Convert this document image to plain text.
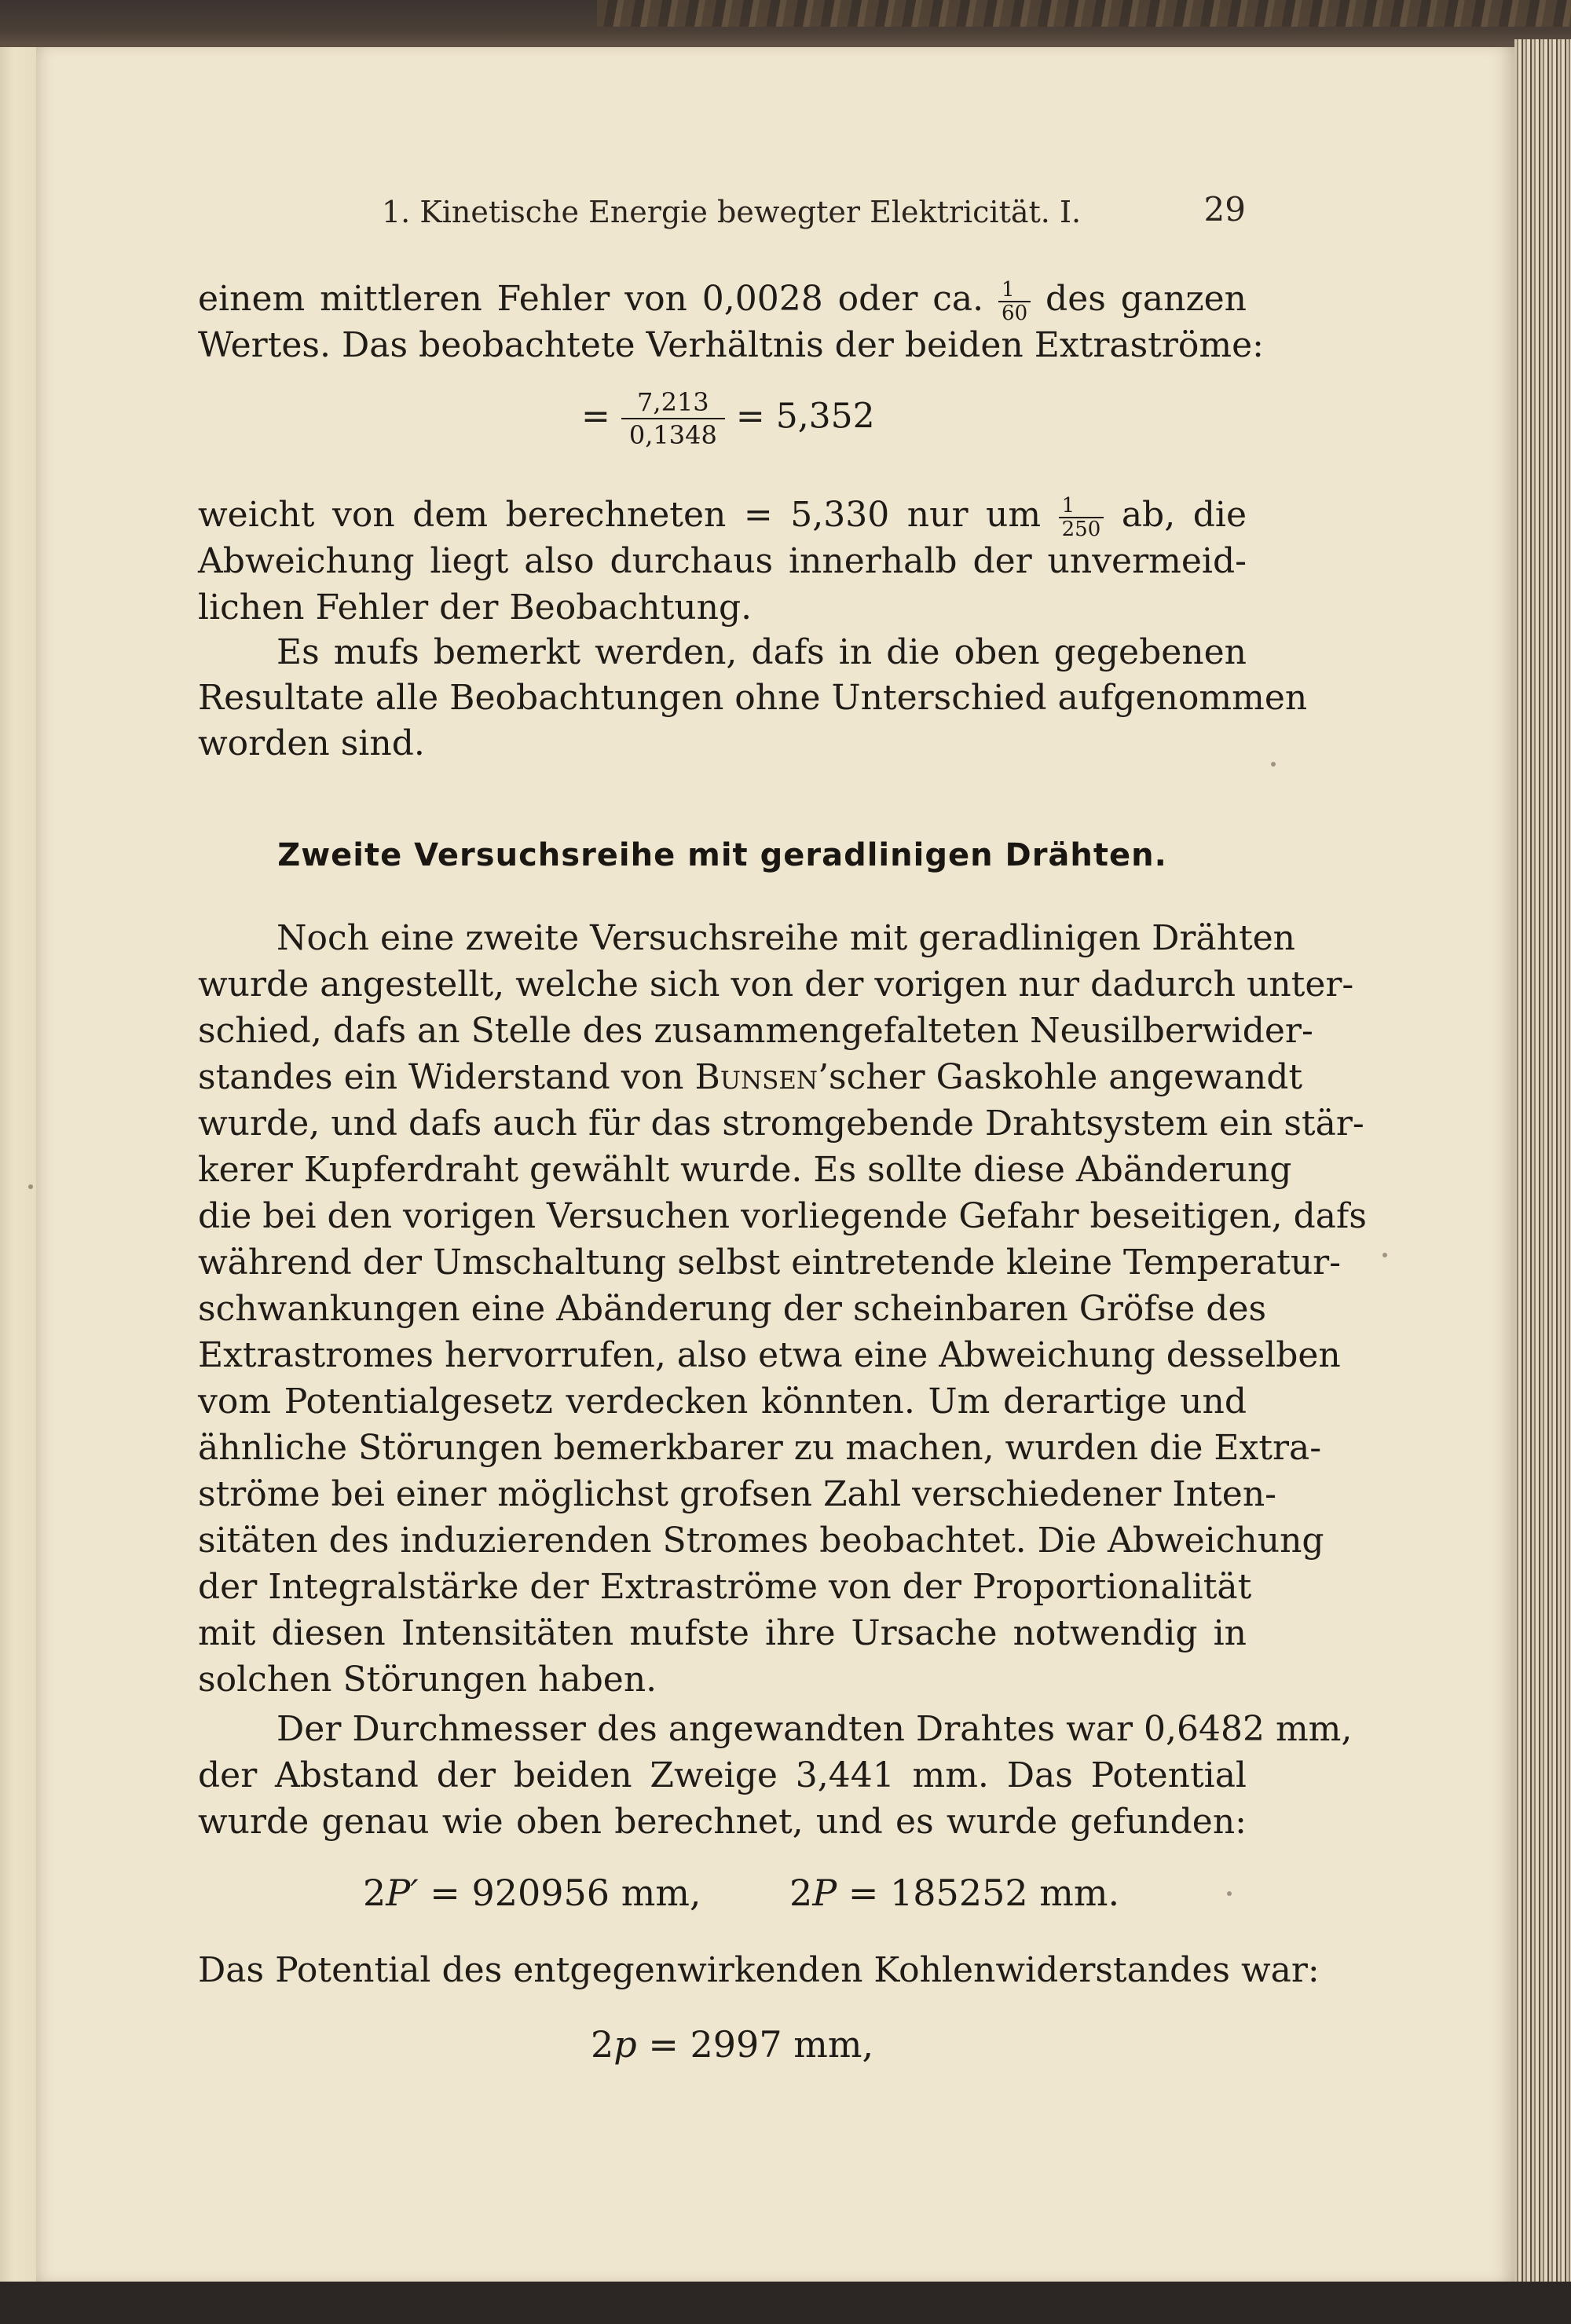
1. Kinetische Energie bewegter Elektricität. I.	29
einem mittleren Fehler von 0,0028 oder ca. $\frac{1}{60}$ des ganzen
Wertes. Das beobachtete Verhältnis der beiden Extraströme:
= $\frac{7,213}{0,1348} = 5,352$
weicht von dem berechneten = 5,330 nur um $\frac{1}{250}$ ab, die
Abweichung liegt also durchaus innerhalb der unvermeid-
lichen Fehler der Beobachtung.
Es mufs bemerkt werden, dafs in die oben gegebenen
Resultate alle Beobachtungen ohne Unterschied aufgenommen
worden sind.
Zweite Versuchsreihe mit geradlinigen Drähten.
Noch eine zweite Versuchsreihe mit geradlinigen Drähten
wurde angestellt, welche sich von der vorigen nur dadurch unter-
schied, dafs an Stelle des zusammengefalteten Neusilberwider-
standes ein Widerstand von Bunsen’scher Gaskohle angewandt
wurde, und dafs auch für das stromgebende Drahtsystem ein stär-
kerer Kupferdraht gewählt wurde. Es sollte diese Abänderung
die bei den vorigen Versuchen vorliegende Gefahr beseitigen, dafs
während der Umschaltung selbst eintretende kleine Temperatur-
schwankungen eine Abänderung der scheinbaren Gröfse des
Extrastromes hervorrufen, also etwa eine Abweichung desselben
vom Potentialgesetz verdecken könnten. Um derartige und
ähnliche Störungen bemerkbarer zu machen, wurden die Extra-
ströme bei einer möglichst grofsen Zahl verschiedener Inten-
sitäten des induzierenden Stromes beobachtet. Die Abweichung
der Integralstärke der Extraströme von der Proportionalität
mit diesen Intensitäten mufste ihre Ursache notwendig in
solchen Störungen haben.
Der Durchmesser des angewandten Drahtes war 0,6482 mm,
der Abstand der beiden Zweige 3,441 mm. Das Potential
wurde genau wie oben berechnet, und es wurde gefunden:
2P′ = 920956 mm, 2P = 185252 mm.
Das Potential des entgegenwirkenden Kohlenwiderstandes war:
2p = 2997 mm,
